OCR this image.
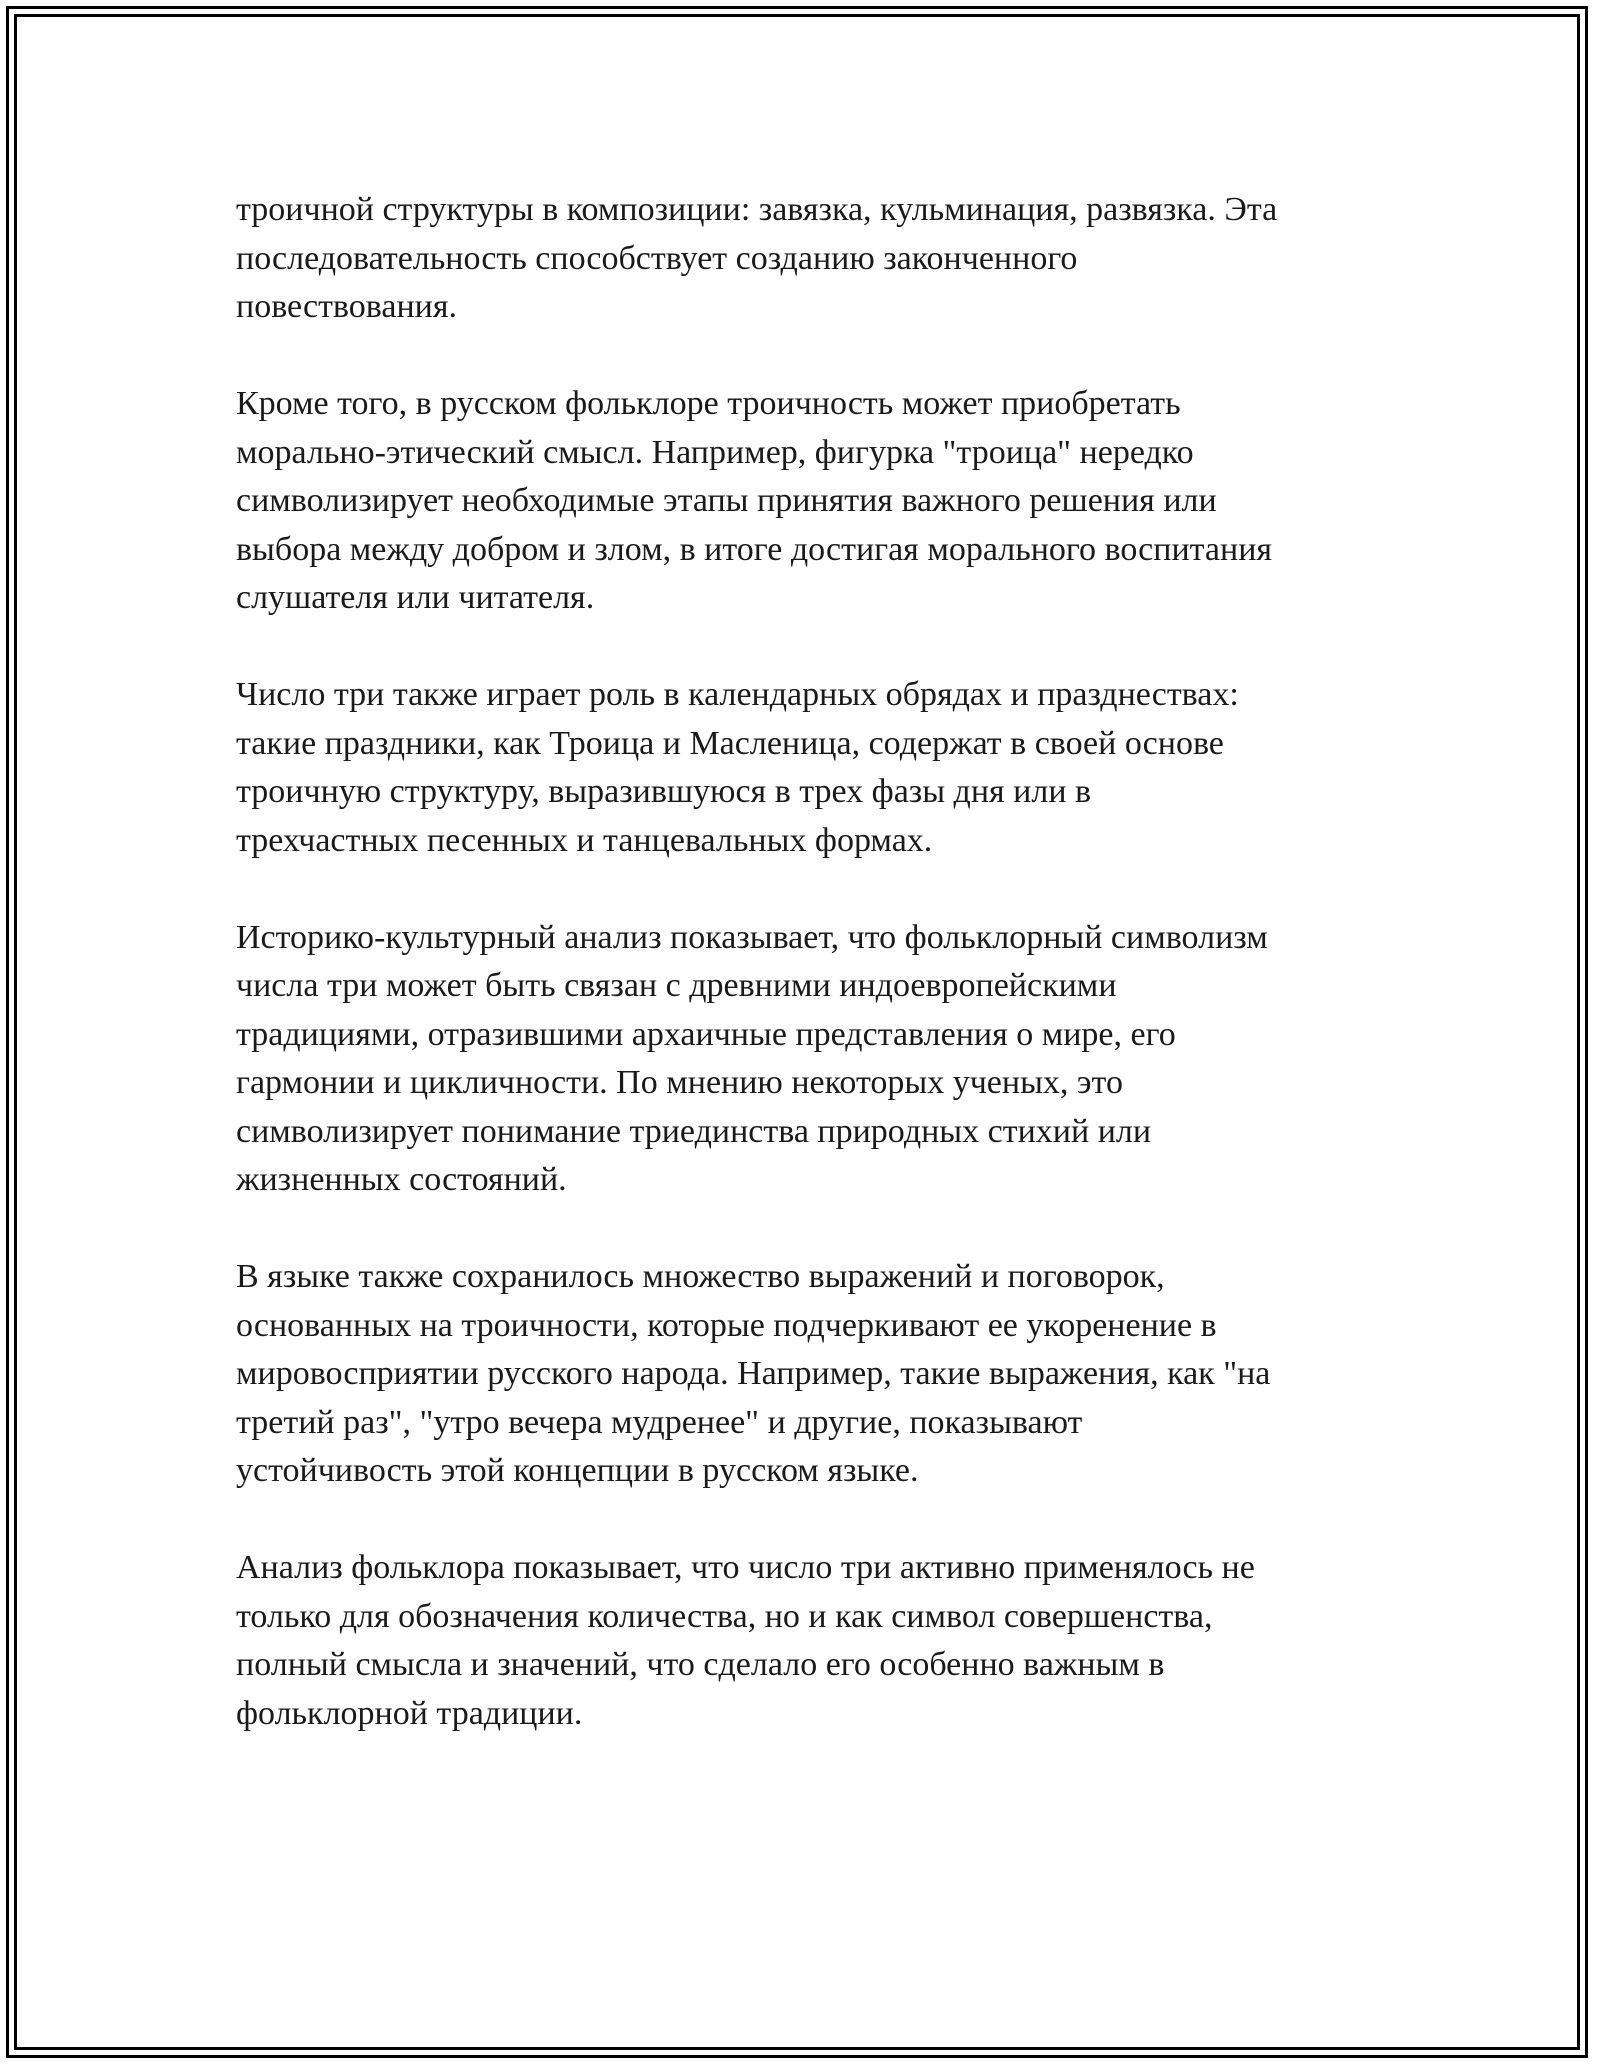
троичной структуры в композиции: завязка, кульминация, развязка. Эта
последовательность способствует созданию законченного
повествования.

Кроме того, в русском фольклоре троичность может приобретать
морально-этический смысл. Например, фигурка "троица" нередко
символизирует необходимые этапы принятия важного решения или
выбора между добром и злом, в итоге достигая морального воспитания
слушателя или читателя.

Число три также играет роль в календарных обрядах и празднествах:
такие праздники, как Троица и Масленица, содержат в своей основе
троичную структуру, выразившуюся в трех фазы дня или в
трехчастных песенных и танцевальных формах.

Историко-культурный анализ показывает, что фольклорный символизм
числа три может быть связан с древними индоевропейскими
традициями, отразившими архаичные представления о мире, его
гармонии и цикличности. По мнению некоторых ученых, это
символизирует понимание триединства природных стихий или
жизненных состояний.

В языке также сохранилось множество выражений и поговорок,
основанных на троичности, которые подчеркивают ее укоренение в
мировосприятии русского народа. Например, такие выражения, как "на
третий раз", "утро вечера мудренее" и другие, показывают
устойчивость этой концепции в русском языке.

Анализ фольклора показывает, что число три активно применялось не
только для обозначения количества, но и как символ совершенства,
полный смысла и значений, что сделало его особенно важным в
фольклорной традиции.
